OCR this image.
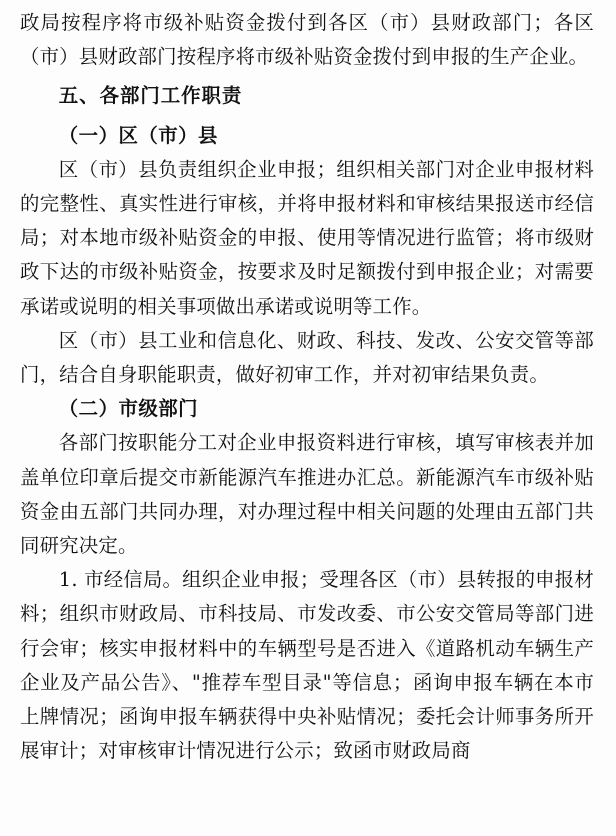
政局按程序将市级补贴资金拨付到各区（市）县财政部门；各区（市）县财政部门按程序将市级补贴资金拨付到申报的生产企业。

五、各部门工作职责

（一）区（市）县

区（市）县负责组织企业申报；组织相关部门对企业申报材料的完整性、真实性进行审核，并将申报材料和审核结果报送市经信局；对本地市级补贴资金的申报、使用等情况进行监管；将市级财政下达的市级补贴资金，按要求及时足额拨付到申报企业；对需要承诺或说明的相关事项做出承诺或说明等工作。

区（市）县工业和信息化、财政、科技、发改、公安交管等部门，结合自身职能职责，做好初审工作，并对初审结果负责。

（二）市级部门

各部门按职能分工对企业申报资料进行审核，填写审核表并加盖单位印章后提交市新能源汽车推进办汇总。新能源汽车市级补贴资金由五部门共同办理，对办理过程中相关问题的处理由五部门共同研究决定。

1. 市经信局。组织企业申报；受理各区（市）县转报的申报材料；组织市财政局、市科技局、市发改委、市公安交管局等部门进行会审；核实申报材料中的车辆型号是否进入《道路机动车辆生产企业及产品公告》、"推荐车型目录"等信息；函询申报车辆在本市上牌情况；函询申报车辆获得中央补贴情况；委托会计师事务所开展审计；对审核审计情况进行公示；致函市财政局商
